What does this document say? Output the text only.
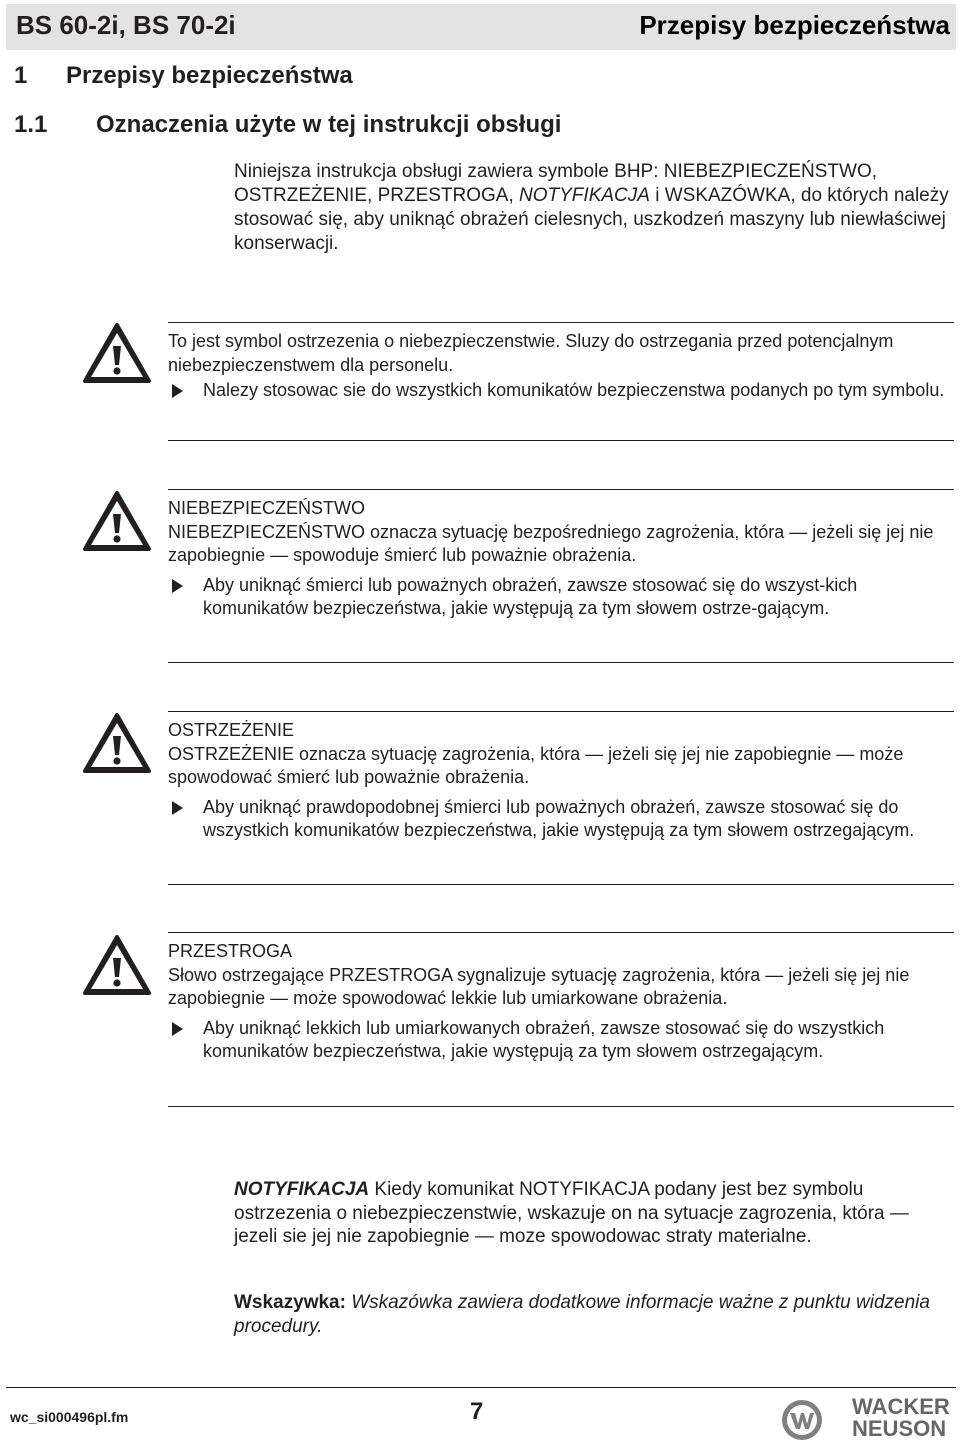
BS 60-2i, BS 70-2i	Przepisy bezpieczeństwa
1 Przepisy bezpieczeństwa
1.1 Oznaczenia użyte w tej instrukcji obsługi
Niniejsza instrukcja obsługi zawiera symbole BHP: NIEBEZPIECZEŃSTWO, OSTRZEŻENIE, PRZESTROGA, NOTYFIKACJA i WSKAZÓWKA, do których należy stosować się, aby uniknąć obrażeń cielesnych, uszkodzeń maszyny lub niewłaściwej konserwacji.
To jest symbol ostrzezenia o niebezpieczenstwie. Sluzy do ostrzegania przed potencjalnym niebezpieczenstwem dla personelu.
Nalezy stosowac sie do wszystkich komunikatów bezpieczenstwa podanych po tym symbolu.
NIEBEZPIECZEŃSTWO
NIEBEZPIECZEŃSTWO oznacza sytuację bezpośredniego zagrożenia, która — jeżeli się jej nie zapobiegnie — spowoduje śmierć lub poważnie obrażenia.
Aby uniknąć śmierci lub poważnych obrażeń, zawsze stosować się do wszyst-kich komunikatów bezpieczeństwa, jakie występują za tym słowem ostrze-gającym.
OSTRZEŻENIE
OSTRZEŻENIE oznacza sytuację zagrożenia, która — jeżeli się jej nie zapobiegnie — może spowodować śmierć lub poważnie obrażenia.
Aby uniknąć prawdopodobnej śmierci lub poważnych obrażeń, zawsze stosować się do wszystkich komunikatów bezpieczeństwa, jakie występują za tym słowem ostrzegającym.
PRZESTROGA
Słowo ostrzegające PRZESTROGA sygnalizuje sytuację zagrożenia, która — jeżeli się jej nie zapobiegnie — może spowodować lekkie lub umiarkowane obrażenia.
Aby uniknąć lekkich lub umiarkowanych obrażeń, zawsze stosować się do wszystkich komunikatów bezpieczeństwa, jakie występują za tym słowem ostrzegającym.
NOTYFIKACJA Kiedy komunikat NOTYFIKACJA podany jest bez symbolu ostrzezenia o niebezpieczenstwie, wskazuje on na sytuacje zagrozenia, która — jezeli sie jej nie zapobiegnie — moze spowodowac straty materialne.
Wskazywka: Wskazówka zawiera dodatkowe informacje ważne z punktu widzenia procedury.
wc_si000496pl.fm	7	WACKER
NEUSON
